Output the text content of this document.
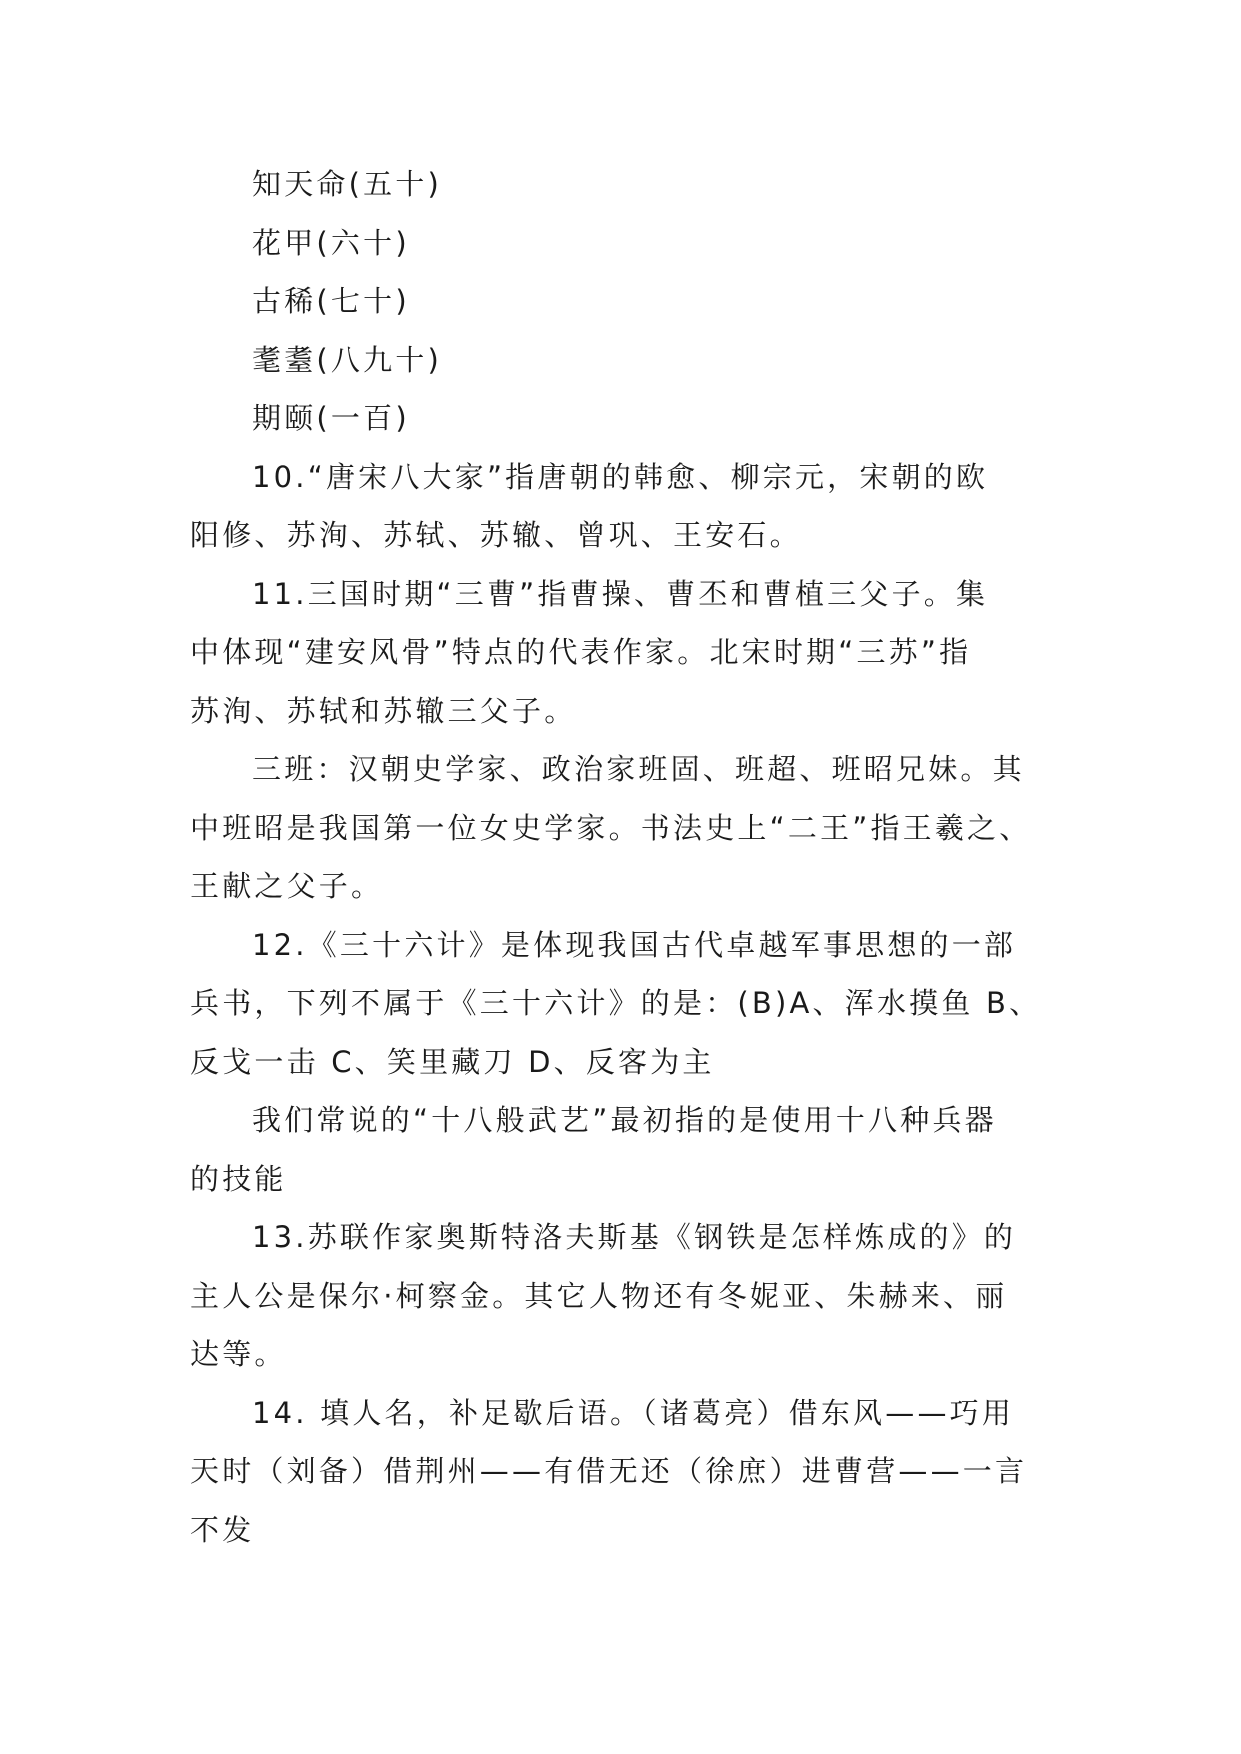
知天命(五十)
花甲(六十)
古稀(七十)
耄耋(八九十)
期颐(一百)
10.“唐宋八大家”指唐朝的韩愈、柳宗元，宋朝的欧
阳修、苏洵、苏轼、苏辙、曾巩、王安石。
11.三国时期“三曹”指曹操、曹丕和曹植三父子。集
中体现“建安风骨”特点的代表作家。北宋时期“三苏”指
苏洵、苏轼和苏辙三父子。
三班：汉朝史学家、政治家班固、班超、班昭兄妹。其
中班昭是我国第一位女史学家。书法史上“二王”指王羲之、
王献之父子。
12.《三十六计》是体现我国古代卓越军事思想的一部
兵书，下列不属于《三十六计》的是：(B)A、浑水摸鱼 B、
反戈一击 C、笑里藏刀 D、反客为主
我们常说的“十八般武艺”最初指的是使用十八种兵器
的技能
13.苏联作家奥斯特洛夫斯基《钢铁是怎样炼成的》的
主人公是保尔·柯察金。其它人物还有冬妮亚、朱赫来、丽
达等。
14. 填人名，补足歇后语。（诸葛亮）借东风——巧用
天时（刘备）借荆州——有借无还（徐庶）进曹营——一言
不发
